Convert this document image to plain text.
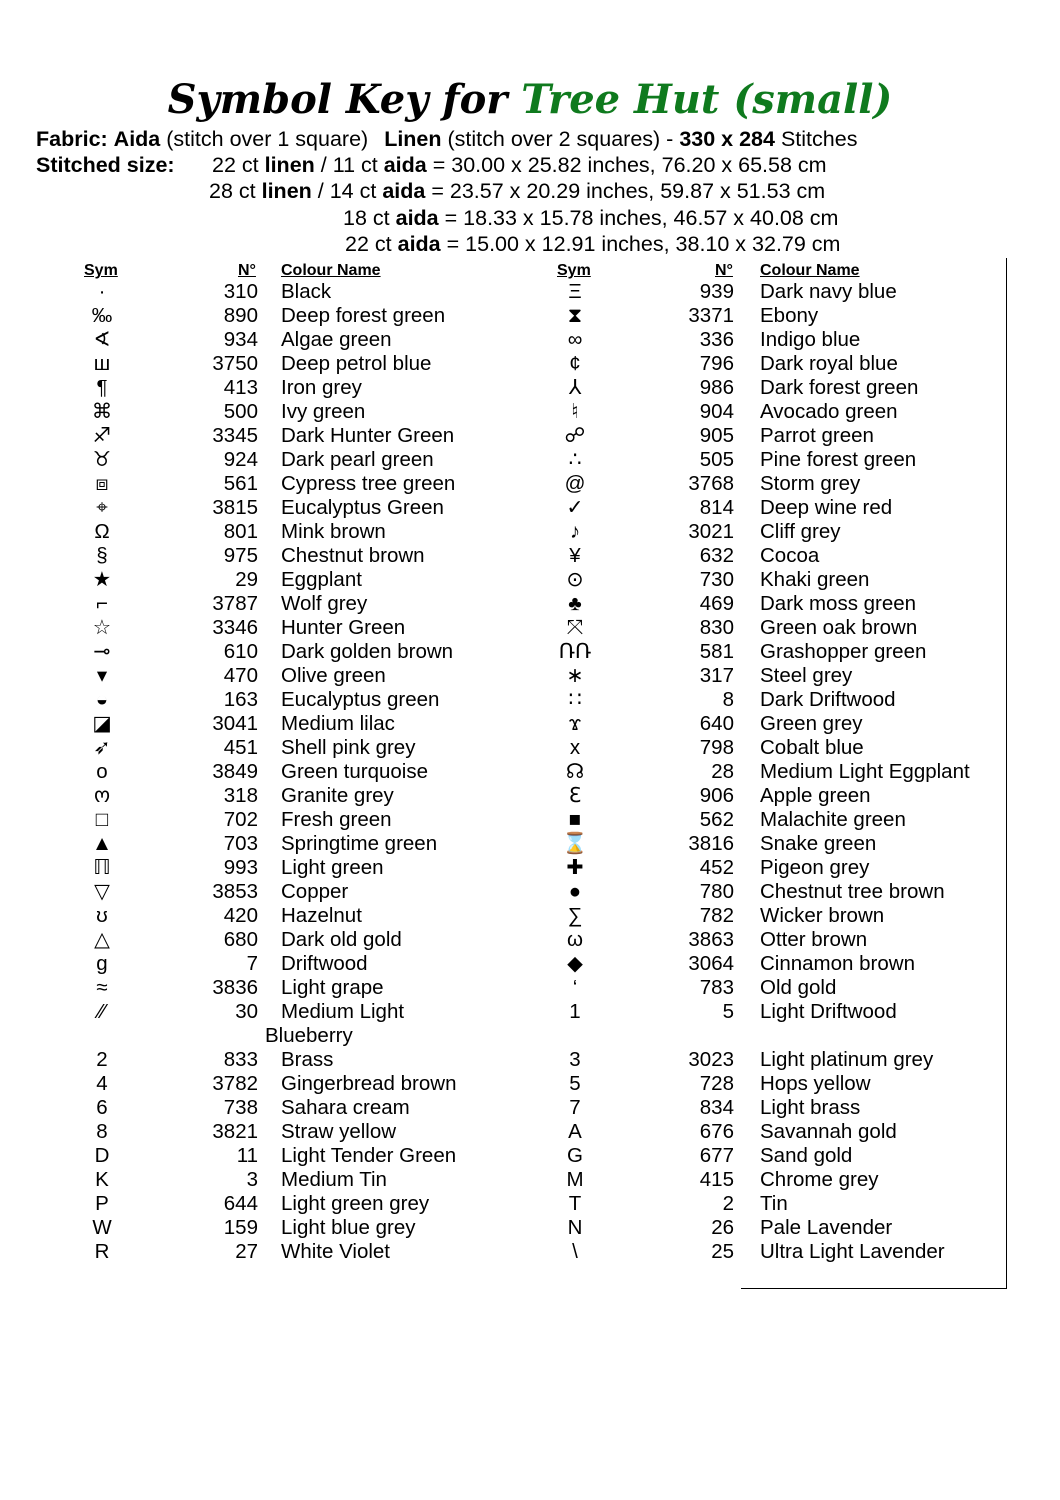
Symbol Key for Tree Hut (small)
Fabric: Aida (stitch over 1 square) Linen (stitch over 2 squares) - 330 x 284 Stitches
Stitched size: 22 ct linen / 11 ct aida = 30.00 x 25.82 inches, 76.20 x 65.58 cm
28 ct linen / 14 ct aida = 23.57 x 20.29 inches, 59.87 x 51.53 cm
18 ct aida = 18.33 x 15.78 inches, 46.57 x 40.08 cm
22 ct aida = 15.00 x 12.91 inches, 38.10 x 32.79 cm
Sym	N° Colour Name	Sym	N° Colour Name
·	310 Black
‰	890 Deep forest green
∢	934 Algae green
ш	3750 Deep petrol blue
¶	413 Iron grey
⌘	500 Ivy green
♐	3345 Dark Hunter Green
♉	924 Dark pearl green
⧈	561 Cypress tree green
⌖	3815 Eucalyptus Green
Ω	801 Mink brown
§	975 Chestnut brown
★	29 Eggplant
⌐	3787 Wolf grey
☆	3346 Hunter Green
⊸	610 Dark golden brown
▾	470 Olive green
◒	163 Eucalyptus green
◪	3041 Medium lilac
➶	451 Shell pink grey
o	3849 Green turquoise
ო	318 Granite grey
□	702 Fresh green
▲	703 Springtime green
ℿ	993 Light green
▽	3853 Copper
ʊ	420 Hazelnut
△	680 Dark old gold
g	7 Driftwood
≈	3836 Light grape
⁄⁄	30 Medium Light
Blueberry
2	833 Brass
4	3782 Gingerbread brown
6	738 Sahara cream
8	3821 Straw yellow
D	11 Light Tender Green
K	3 Medium Tin
P	644 Light green grey
W	159 Light blue grey
R	27 White Violet
Ξ	939 Dark navy blue
⧗	3371 Ebony
∞	336 Indigo blue
¢	796 Dark royal blue
⅄	986 Dark forest green
♮	904 Avocado green
☍	905 Parrot green
∴	505 Pine forest green
@	3768 Storm grey
✓	814 Deep wine red
♪	3021 Cliff grey
¥	632 Cocoa
⊙	730 Khaki green
♣	469 Dark moss green
⤧	830 Green oak brown
ՌՌ	581 Grashopper green
∗	317 Steel grey
∷	8 Dark Driftwood
ϫ	640 Green grey
x	798 Cobalt blue
☊	28 Medium Light Eggplant
ℇ	906 Apple green
■	562 Malachite green
⌛	3816 Snake green
✚	452 Pigeon grey
●	780 Chestnut tree brown
∑	782 Wicker brown
ω	3863 Otter brown
◆	3064 Cinnamon brown
‘	783 Old gold
1	5 Light Driftwood
3	3023 Light platinum grey
5	728 Hops yellow
7	834 Light brass
A	676 Savannah gold
G	677 Sand gold
M	415 Chrome grey
T	2 Tin
N	26 Pale Lavender
\	25 Ultra Light Lavender
